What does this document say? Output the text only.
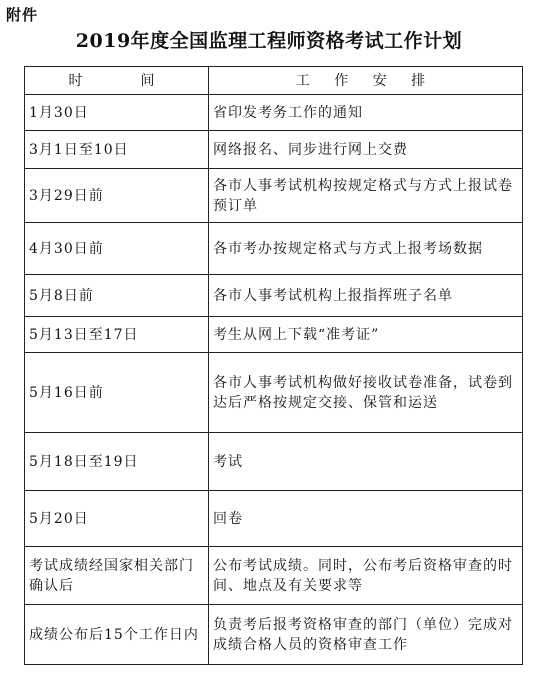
附件
2019年度全国监理工程师资格考试工作计划
时　　间	工 作 安 排
1月30日	省印发考务工作的通知
3月1日至10日	网络报名、同步进行网上交费
3月29日前	各市人事考试机构按规定格式与方式上报试卷预订单
4月30日前	各市考办按规定格式与方式上报考场数据
5月8日前	各市人事考试机构上报指挥班子名单
5月13日至17日	考生从网上下载“准考证”
5月16日前	各市人事考试机构做好接收试卷准备，试卷到达后严格按规定交接、保管和运送
5月18日至19日	考试
5月20日	回卷
考试成绩经国家相关部门确认后	公布考试成绩。同时，公布考后资格审查的时间、地点及有关要求等
成绩公布后15个工作日内	负责考后报考资格审查的部门（单位）完成对成绩合格人员的资格审查工作
